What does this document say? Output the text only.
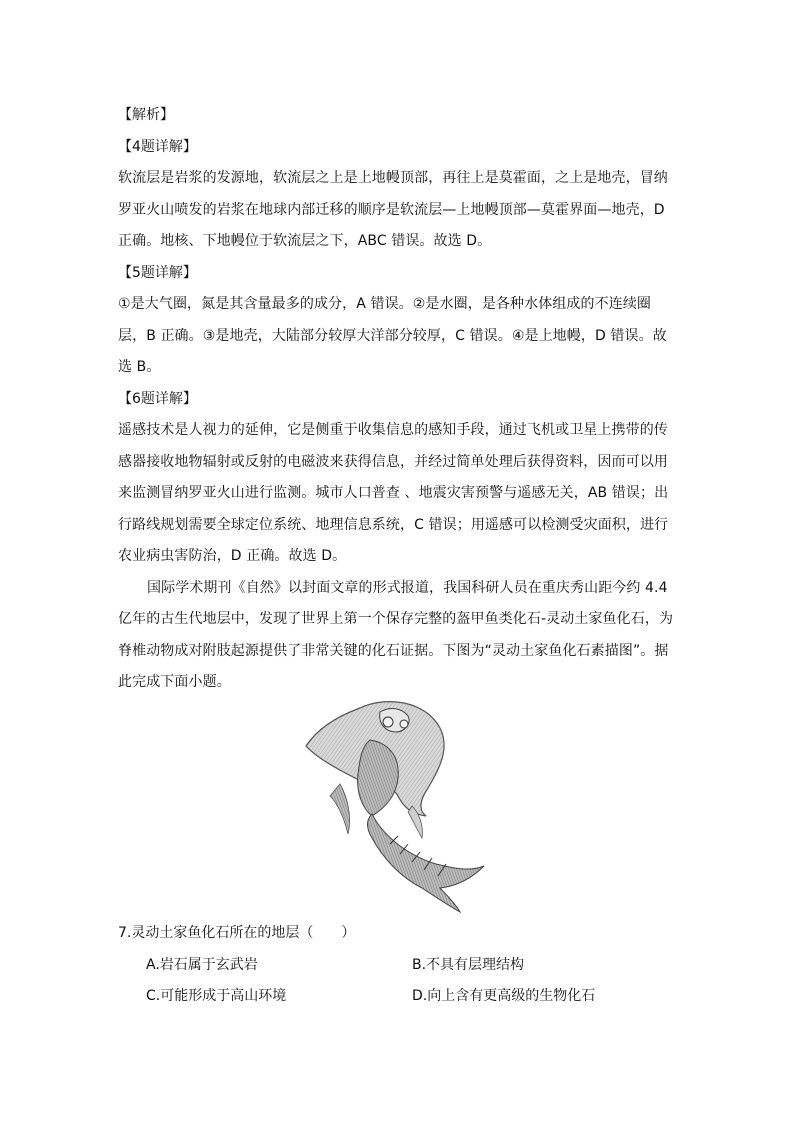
【解析】
【4题详解】
软流层是岩浆的发源地，软流层之上是上地幔顶部，再往上是莫霍面，之上是地壳，冒纳
罗亚火山喷发的岩浆在地球内部迁移的顺序是软流层—上地幔顶部—莫霍界面—地壳，D
正确。地核、下地幔位于软流层之下，ABC 错误。故选 D。
【5题详解】
①是大气圈，氮是其含量最多的成分，A 错误。②是水圈，是各种水体组成的不连续圈
层，B 正确。③是地壳，大陆部分较厚大洋部分较厚，C 错误。④是上地幔，D 错误。故
选 B。
【6题详解】
遥感技术是人视力的延伸，它是侧重于收集信息的感知手段，通过飞机或卫星上携带的传
感器接收地物辐射或反射的电磁波来获得信息，并经过简单处理后获得资料，因而可以用
来监测冒纳罗亚火山进行监测。城市人口普查 、地震灾害预警与遥感无关，AB 错误；出
行路线规划需要全球定位系统、地理信息系统，C 错误；用遥感可以检测受灾面积，进行
农业病虫害防治，D 正确。故选 D。
国际学术期刊《自然》以封面文章的形式报道，我国科研人员在重庆秀山距今约 4.4
亿年的古生代地层中，发现了世界上第一个保存完整的盔甲鱼类化石-灵动土家鱼化石，为
脊椎动物成对附肢起源提供了非常关键的化石证据。下图为“灵动土家鱼化石素描图”。据
此完成下面小题。
7.灵动土家鱼化石所在的地层（　　）
A.岩石属于玄武岩	B.不具有层理结构
C.可能形成于高山环境	D.向上含有更高级的生物化石
